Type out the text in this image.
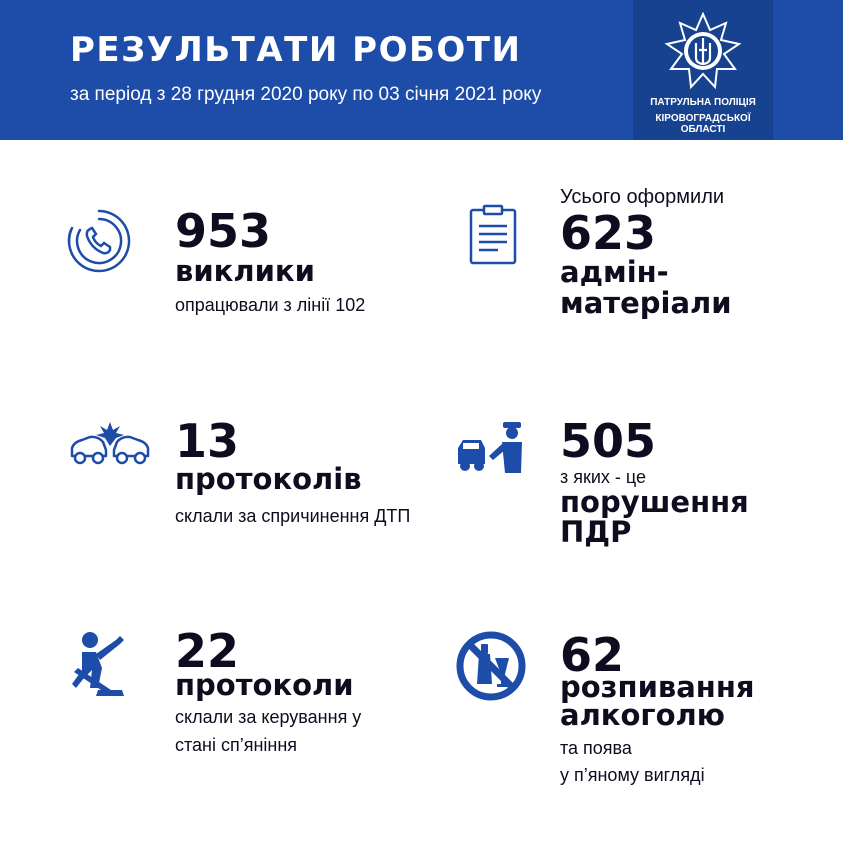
РЕЗУЛЬТАТИ РОБОТИ
за період з 28 грудня 2020 року по 03 січня 2021 року	ПАТРУЛЬНА ПОЛІЦІЯ
КІРОВОГРАДСЬКОЇ
ОБЛАСТІ
953
виклики
опрацювали з лінії 102
Усього оформили
623
адмін-
матеріали
13
протоколів
склали за спричинення ДТП
505
з яких - це
порушення
ПДР
22
протоколи
склали за керування у
стані сп’яніння
62
розпивання
алкоголю
та поява
у п’яному вигляді
